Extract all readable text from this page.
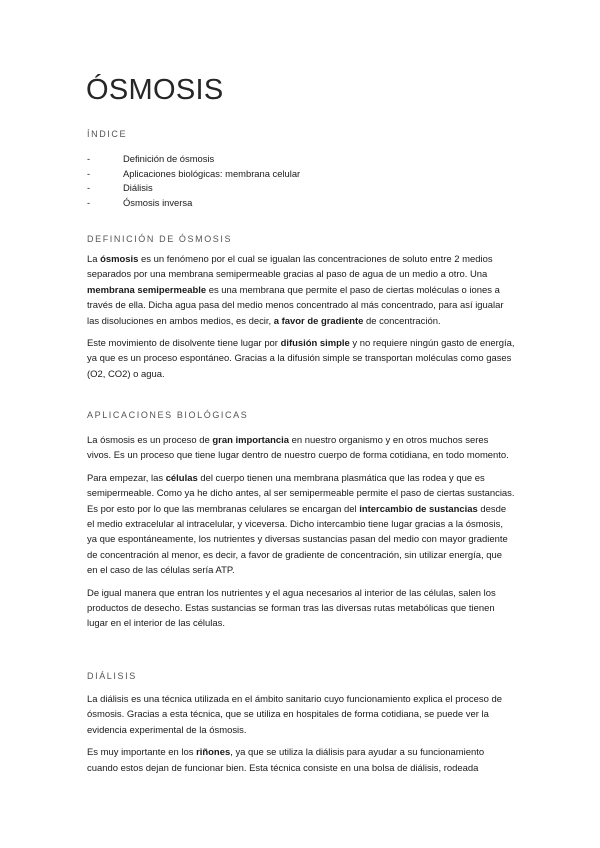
ÓSMOSIS
ÍNDICE
-	Definición de ósmosis
-	Aplicaciones biológicas: membrana celular
-	Diálisis
-	Ósmosis inversa
DEFINICIÓN DE ÓSMOSIS

La ósmosis es un fenómeno por el cual se igualan las concentraciones de soluto entre 2 medios separados por una membrana semipermeable gracias al paso de agua de un medio a otro. Una membrana semipermeable es una membrana que permite el paso de ciertas moléculas o iones a través de ella. Dicha agua pasa del medio menos concentrado al más concentrado, para así igualar las disoluciones en ambos medios, es decir, a favor de gradiente de concentración.

Este movimiento de disolvente tiene lugar por difusión simple y no requiere ningún gasto de energía, ya que es un proceso espontáneo. Gracias a la difusión simple se transportan moléculas como gases (O2, CO2) o agua.

APLICACIONES BIOLÓGICAS

La ósmosis es un proceso de gran importancia en nuestro organismo y en otros muchos seres vivos. Es un proceso que tiene lugar dentro de nuestro cuerpo de forma cotidiana, en todo momento.

Para empezar, las células del cuerpo tienen una membrana plasmática que las rodea y que es semipermeable. Como ya he dicho antes, al ser semipermeable permite el paso de ciertas sustancias. Es por esto por lo que las membranas celulares se encargan del intercambio de sustancias desde el medio extracelular al intracelular, y viceversa. Dicho intercambio tiene lugar gracias a la ósmosis, ya que espontáneamente, los nutrientes y diversas sustancias pasan del medio con mayor gradiente de concentración al menor, es decir, a favor de gradiente de concentración, sin utilizar energía, que en el caso de las células sería ATP.

De igual manera que entran los nutrientes y el agua necesarios al interior de las células, salen los productos de desecho. Estas sustancias se forman tras las diversas rutas metabólicas que tienen lugar en el interior de las células.

DIÁLISIS

La diálisis es una técnica utilizada en el ámbito sanitario cuyo funcionamiento explica el proceso de ósmosis. Gracias a esta técnica, que se utiliza en hospitales de forma cotidiana, se puede ver la evidencia experimental de la ósmosis.

Es muy importante en los riñones, ya que se utiliza la diálisis para ayudar a su funcionamiento cuando estos dejan de funcionar bien. Esta técnica consiste en una bolsa de diálisis, rodeada
